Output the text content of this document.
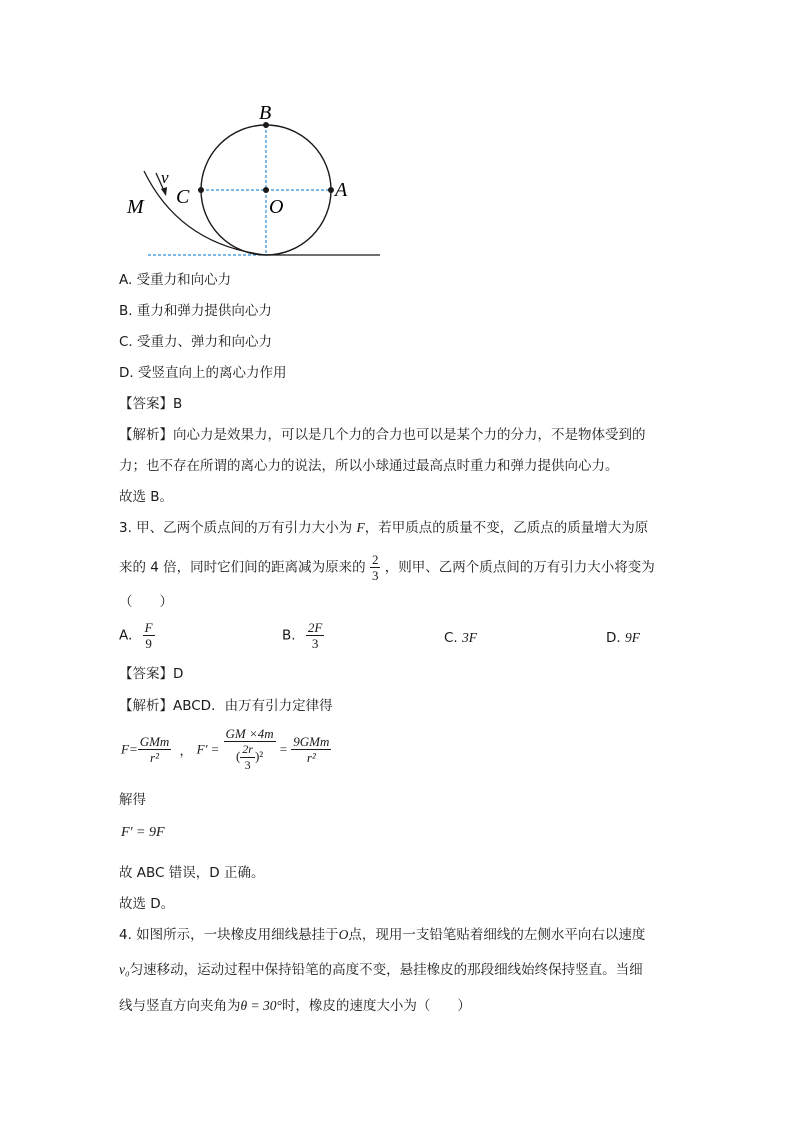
B
A
C	O
M
v
A. 受重力和向心力
B. 重力和弹力提供向心力
C. 受重力、弹力和向心力
D. 受竖直向上的离心力作用
【答案】B
【解析】向心力是效果力，可以是几个力的合力也可以是某个力的分力，不是物体受到的
力；也不存在所谓的离心力的说法，所以小球通过最高点时重力和弹力提供向心力。
故选 B。
3. 甲、乙两个质点间的万有引力大小为 F，若甲质点的质量不变，乙质点的质量增大为原
来的 4 倍，同时它们间的距离减为原来的 $\frac{2}{3}$ ，则甲、乙两个质点间的万有引力大小将变为
（　　）
A. $\frac{F}{9}$	B. $\frac{2F}{3}$	C. 3F	D. 9F
【答案】D
【解析】ABCD．由万有引力定律得
$F= \frac{\text{GMm}}{\text{r²}}$ ， $F' = \frac{GM \times 4m}{( \frac{2r}{3} )^2} = \frac{\text{9GMm}}{\text{r²}}$
解得
F' = 9F
故 ABC 错误，D 正确。
故选 D。
4. 如图所示，一块橡皮用细线悬挂于O点，现用一支铅笔贴着细线的左侧水平向右以速度
v₀匀速移动，运动过程中保持铅笔的高度不变，悬挂橡皮的那段细线始终保持竖直。当细
线与竖直方向夹角为θ = 30°时，橡皮的速度大小为（　　）
